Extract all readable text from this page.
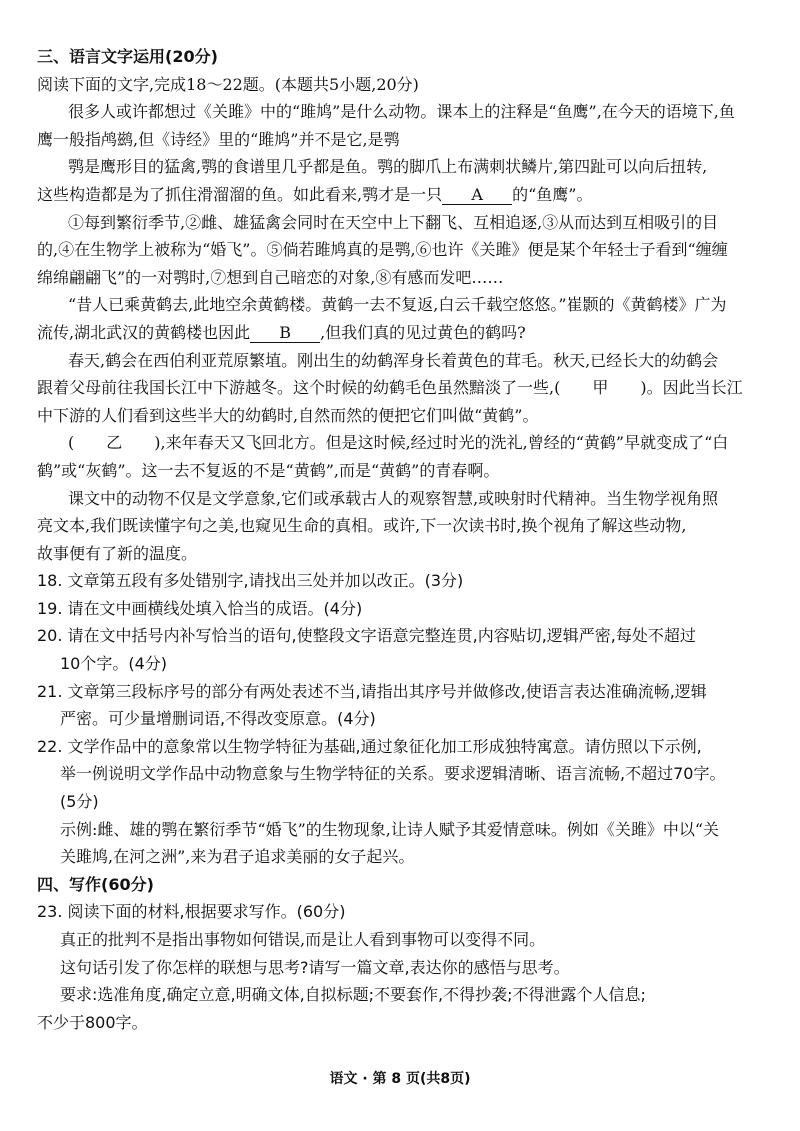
三、语言文字运用(20分)
阅读下面的文字,完成18～22题。(本题共5小题,20分)
很多人或许都想过《关雎》中的“雎鸠”是什么动物。课本上的注释是“鱼鹰”,在今天的语境下,鱼
鹰一般指鸬鹚,但《诗经》里的“雎鸠”并不是它,是鹗
鹗是鹰形目的猛禽,鹗的食谱里几乎都是鱼。鹗的脚爪上布满刺状鳞片,第四趾可以向后扭转,
这些构造都是为了抓住滑溜溜的鱼。如此看来,鹗才是一只 A 的“鱼鹰”。
①每到繁衍季节,②雌、雄猛禽会同时在天空中上下翻飞、互相追逐,③从而达到互相吸引的目
的,④在生物学上被称为“婚飞”。⑤倘若雎鸠真的是鹗,⑥也许《关雎》便是某个年轻士子看到“缠缠
绵绵翩翩飞”的一对鹗时,⑦想到自己暗恋的对象,⑧有感而发吧……
“昔人已乘黄鹤去,此地空余黄鹤楼。黄鹤一去不复返,白云千载空悠悠。”崔颢的《黄鹤楼》广为
流传,湖北武汉的黄鹤楼也因此 B ,但我们真的见过黄色的鹤吗?
春天,鹤会在西伯利亚荒原繁埴。刚出生的幼鹤浑身长着黄色的茸毛。秋天,已经长大的幼鹤会
跟着父母前往我国长江中下游越冬。这个时候的幼鹤毛色虽然黯淡了一些,(　　甲　　)。因此当长江
中下游的人们看到这些半大的幼鹤时,自然而然的便把它们叫做“黄鹤”。
(　　乙　　),来年春天又飞回北方。但是这时候,经过时光的洗礼,曾经的“黄鹤”早就变成了“白
鹤”或“灰鹤”。这一去不复返的不是“黄鹤”,而是“黄鹤”的青春啊。
课文中的动物不仅是文学意象,它们或承载古人的观察智慧,或映射时代精神。当生物学视角照
亮文本,我们既读懂字句之美,也窥见生命的真相。或许,下一次读书时,换个视角了解这些动物,
故事便有了新的温度。
18. 文章第五段有多处错别字,请找出三处并加以改正。(3分)
19. 请在文中画横线处填入恰当的成语。(4分)
20. 请在文中括号内补写恰当的语句,使整段文字语意完整连贯,内容贴切,逻辑严密,每处不超过
10个字。(4分)
21. 文章第三段标序号的部分有两处表述不当,请指出其序号并做修改,使语言表达准确流畅,逻辑
严密。可少量增删词语,不得改变原意。(4分)
22. 文学作品中的意象常以生物学特征为基础,通过象征化加工形成独特寓意。请仿照以下示例,
举一例说明文学作品中动物意象与生物学特征的关系。要求逻辑清晰、语言流畅,不超过70字。
(5分)
示例:雌、雄的鹗在繁衍季节“婚飞”的生物现象,让诗人赋予其爱情意味。例如《关雎》中以“关
关雎鸠,在河之洲”,来为君子追求美丽的女子起兴。
四、写作(60分)
23. 阅读下面的材料,根据要求写作。(60分)
真正的批判不是指出事物如何错误,而是让人看到事物可以变得不同。
这句话引发了你怎样的联想与思考?请写一篇文章,表达你的感悟与思考。
要求:选准角度,确定立意,明确文体,自拟标题;不要套作,不得抄袭;不得泄露个人信息;
不少于800字。
语文 · 第 8 页(共8页)
